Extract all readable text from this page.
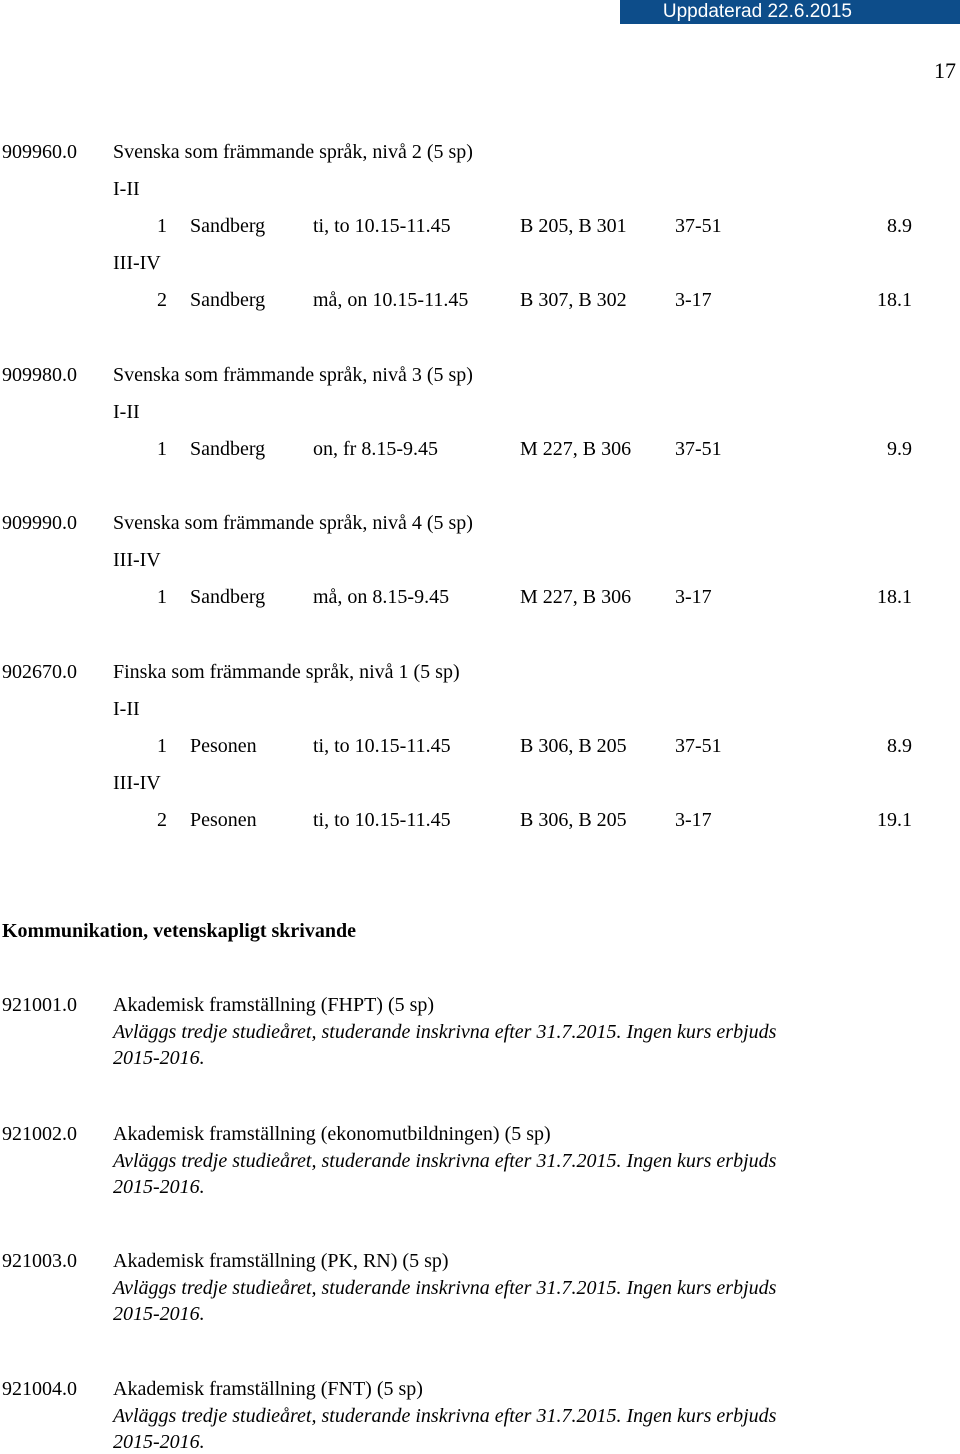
Uppdaterad 22.6.2015
17
909960.0 Svenska som främmande språk, nivå 2 (5 sp)
I-II
1 Sandberg ti, to 10.15-11.45	B 205, B 301 37-51	8.9
III-IV
2 Sandberg må, on 10.15-11.45	B 307, B 302 3-17	18.1
909980.0 Svenska som främmande språk, nivå 3 (5 sp)
I-II
1 Sandberg on, fr 8.15-9.45	M 227, B 306 37-51	9.9
909990.0 Svenska som främmande språk, nivå 4 (5 sp)
III-IV
1 Sandberg må, on 8.15-9.45	M 227, B 306 3-17	18.1
902670.0 Finska som främmande språk, nivå 1 (5 sp)
I-II
1 Pesonen	ti, to 10.15-11.45	B 306, B 205 37-51	8.9
III-IV
2 Pesonen	ti, to 10.15-11.45	B 306, B 205 3-17	19.1
Kommunikation, vetenskapligt skrivande
921001.0 Akademisk framställning (FHPT) (5 sp)
Avläggs tredje studieåret, studerande inskrivna efter 31.7.2015. Ingen kurs erbjuds
2015-2016.
921002.0 Akademisk framställning (ekonomutbildningen) (5 sp)
Avläggs tredje studieåret, studerande inskrivna efter 31.7.2015. Ingen kurs erbjuds
2015-2016.
921003.0 Akademisk framställning (PK, RN) (5 sp)
Avläggs tredje studieåret, studerande inskrivna efter 31.7.2015. Ingen kurs erbjuds
2015-2016.
921004.0 Akademisk framställning (FNT) (5 sp)
Avläggs tredje studieåret, studerande inskrivna efter 31.7.2015. Ingen kurs erbjuds
2015-2016.
